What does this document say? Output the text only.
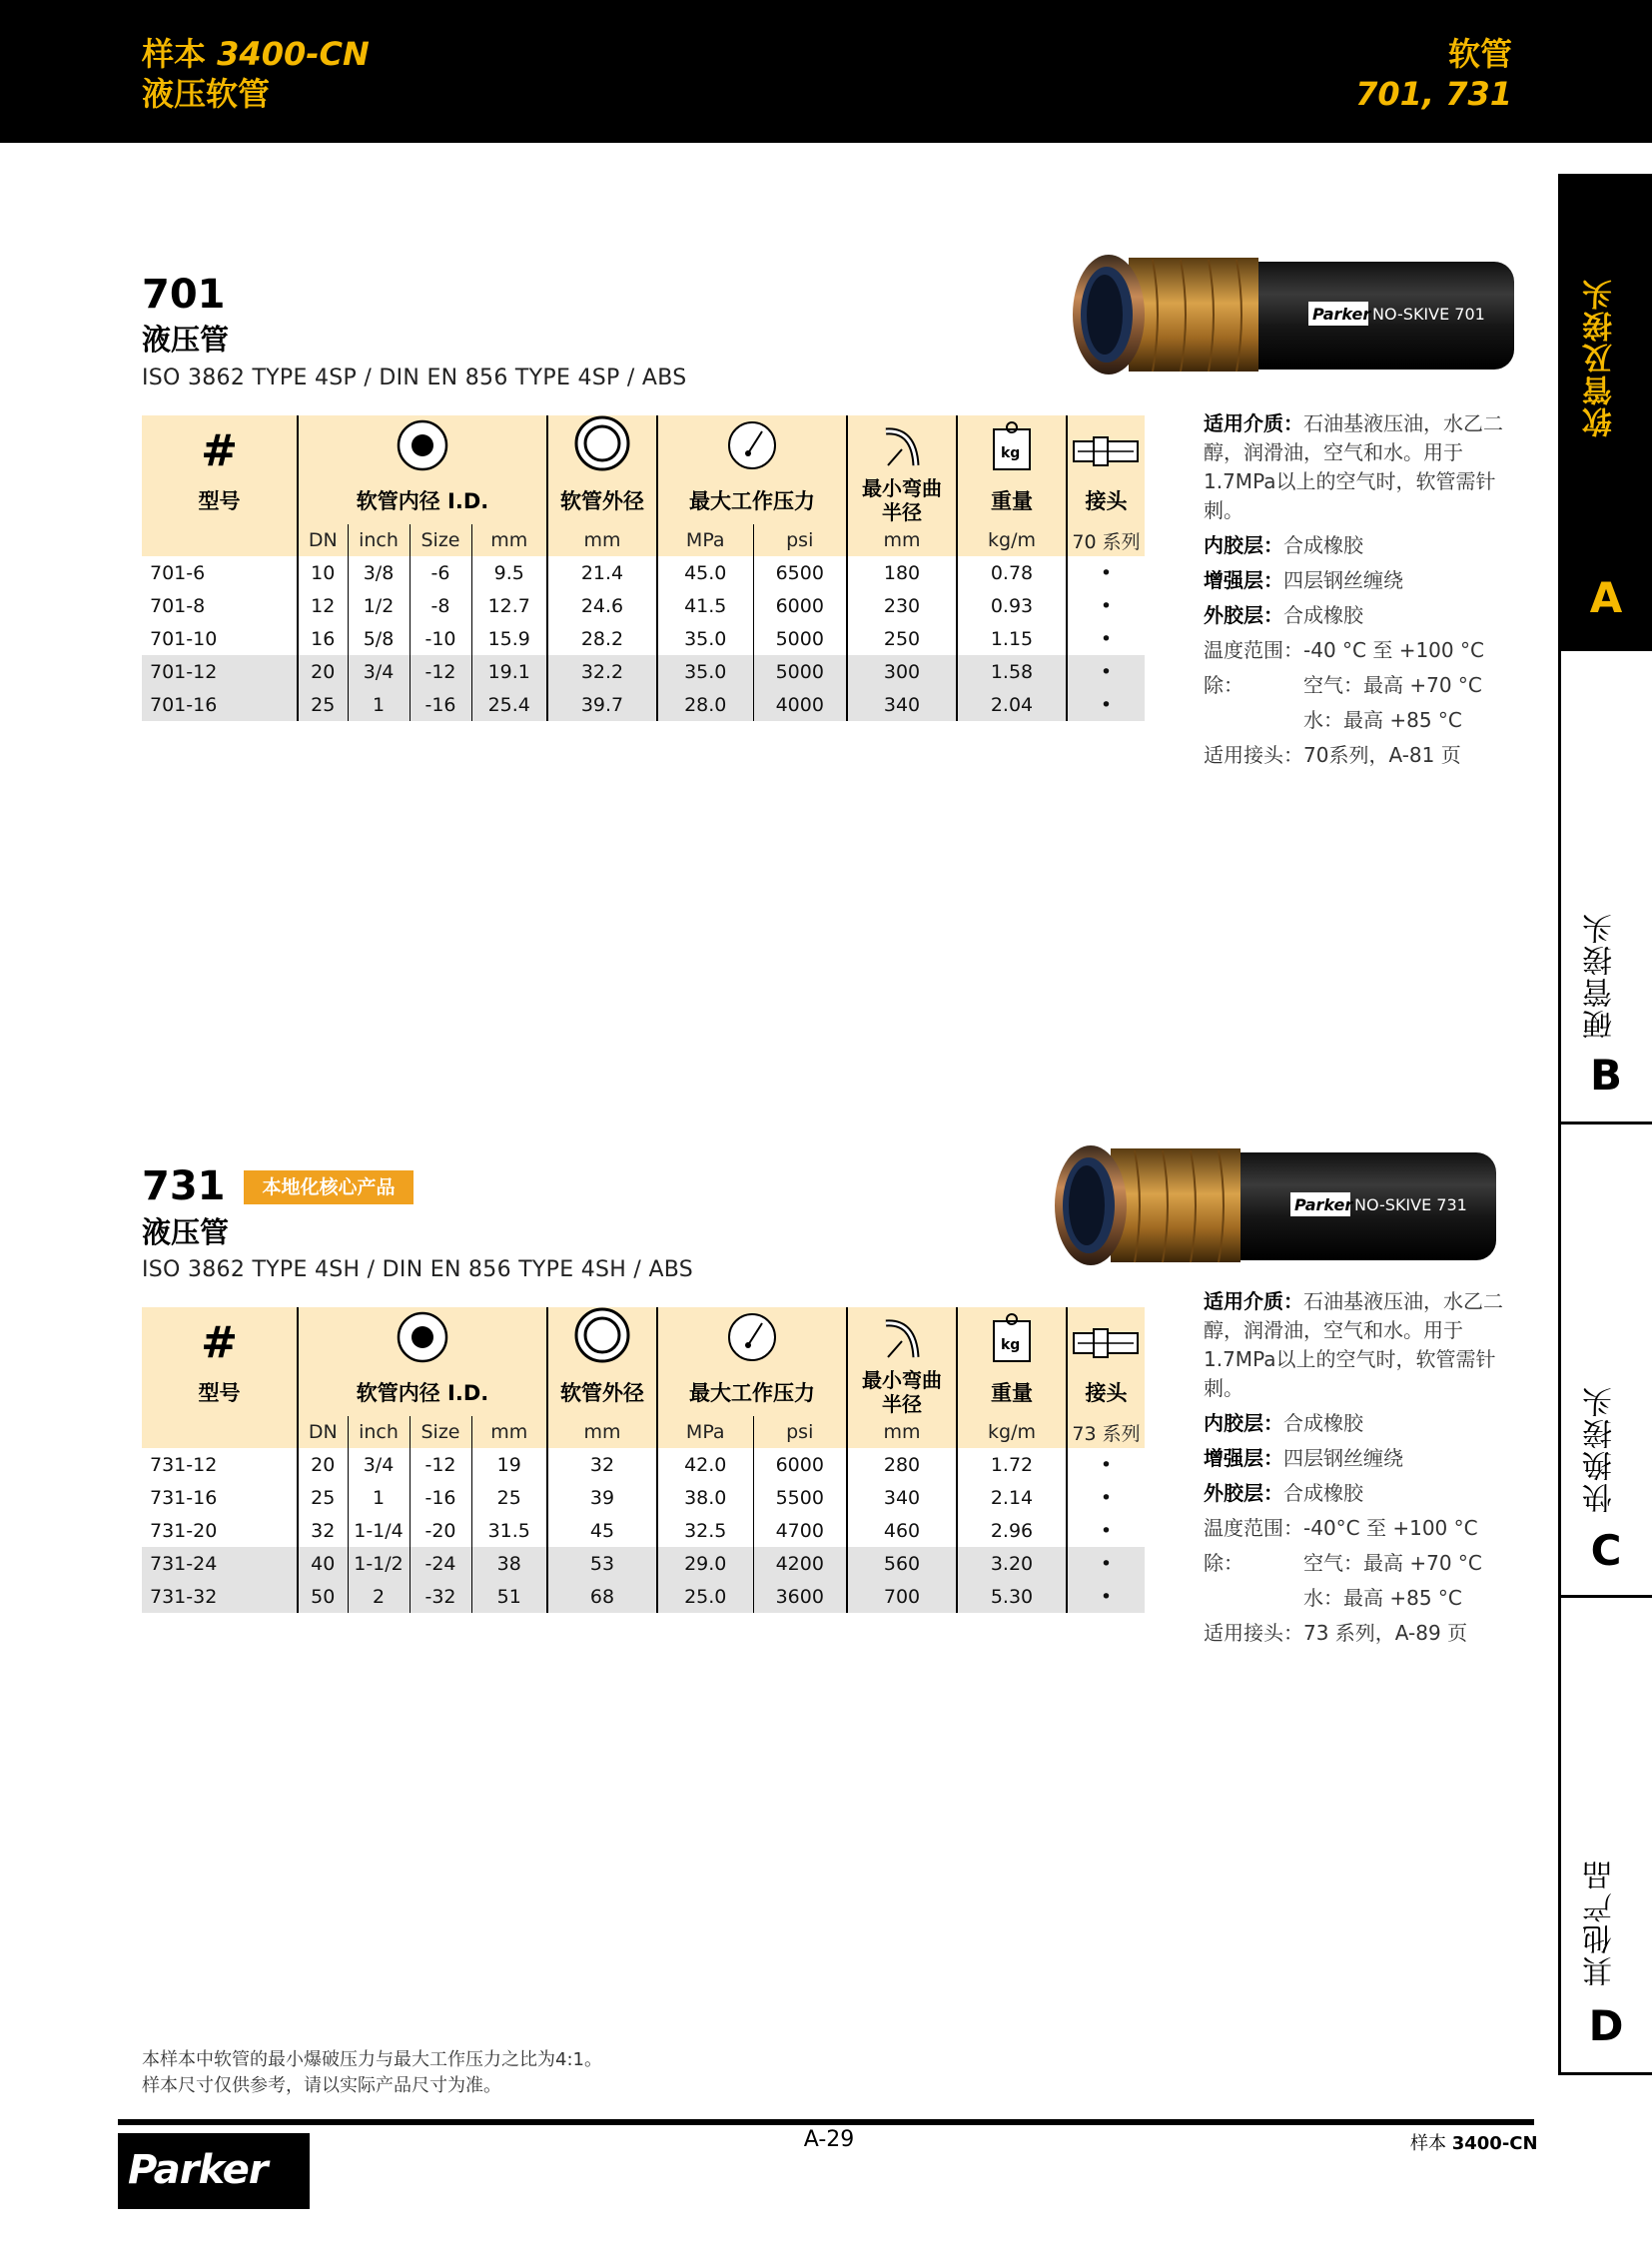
样本 3400-CN
液压软管
软管
701, 731
软管及接头
A
硬管接头
B
快换接头
C
其他产品
D
701
液压管
ISO 3862 TYPE 4SP / DIN EN 856 TYPE 4SP / ABS
Parker NO-SKIVE 701
#									kg

型号	软管内径 I.D.				软管外径	最大工作压力		最小弯曲
半径	重量	接头
	DN	inch	Size	mm	mm	MPa	psi	mm	kg/m	70 系列
701-6	10	3/8	-6	9.5	21.4	45.0	6500	180	0.78	•
701-8	12	1/2	-8	12.7	24.6	41.5	6000	230	0.93	•
701-10	16	5/8	-10	15.9	28.2	35.0	5000	250	1.15	•
701-12	20	3/4	-12	19.1	32.2	35.0	5000	300	1.58	•
701-16	25	1	-16	25.4	39.7	28.0	4000	340	2.04	•

适用介质：石油基液压油，水乙二醇，润滑油，空气和水。用于1.7MPa以上的空气时，软管需针刺。

内胶层：合成橡胶

增强层：四层钢丝缠绕

外胶层：合成橡胶

温度范围：-40 °C 至 +100 °C

除：	空气：最高 +70 °C

水：最高 +85 °C

适用接头：70系列，A-81 页

731	本地化核心产品
液压管
ISO 3862 TYPE 4SH / DIN EN 856 TYPE 4SH / ABS
Parker NO-SKIVE 731
#									kg

型号	软管内径 I.D.				软管外径	最大工作压力		最小弯曲
半径	重量	接头
	DN	inch	Size	mm	mm	MPa	psi	mm	kg/m	73 系列
731-12	20	3/4	-12	19	32	42.0	6000	280	1.72	•
731-16	25	1	-16	25	39	38.0	5500	340	2.14	•
731-20	32	1-1/4	-20	31.5	45	32.5	4700	460	2.96	•
731-24	40	1-1/2	-24	38	53	29.0	4200	560	3.20	•
731-32	50	2	-32	51	68	25.0	3600	700	5.30	•

适用介质：石油基液压油，水乙二醇，润滑油，空气和水。用于1.7MPa以上的空气时，软管需针刺。

内胶层：合成橡胶

增强层：四层钢丝缠绕

外胶层：合成橡胶

温度范围：-40°C 至 +100 °C

除：	空气：最高 +70 °C

水：最高 +85 °C

适用接头：73 系列，A-89 页

本样本中软管的最小爆破压力与最大工作压力之比为4:1。
样本尺寸仅供参考，请以实际产品尺寸为准。
Parker
A-29	样本 3400-CN
